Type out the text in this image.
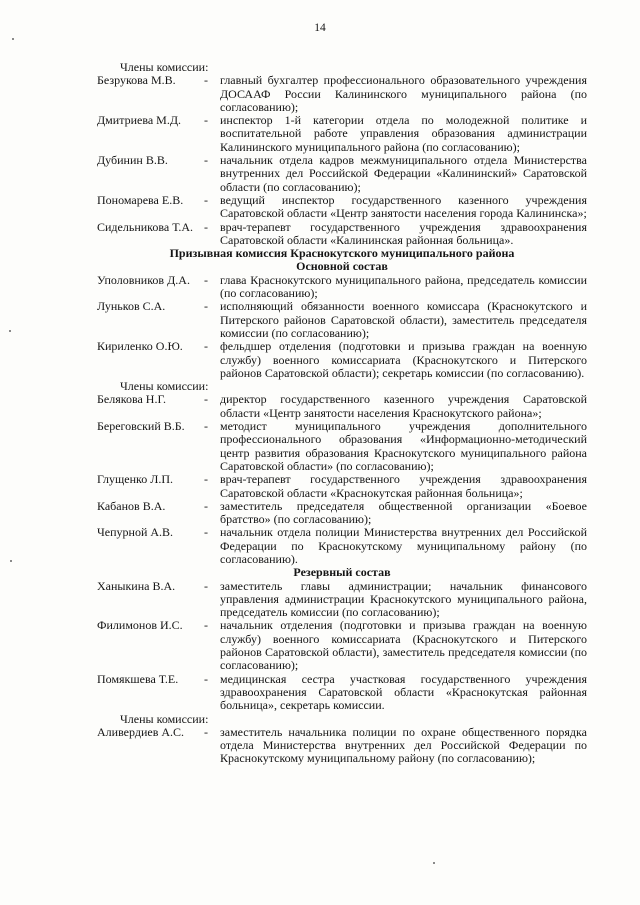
14
Члены комиссии:
Безрукова М.В. - главный бухгалтер профессионального образовательного учреждения ДОСААФ России Калининского муниципального района (по согласованию);
Дмитриева М.Д. - инспектор 1-й категории отдела по молодежной политике и воспитательной работе управления образования администрации Калининского муниципального района (по согласованию);
Дубинин В.В.	- начальник отдела кадров межмуниципального отдела Министерства внутренних дел Российской Федерации «Калининский» Саратовской области (по согласованию);
Пономарева Е.В. - ведущий инспектор государственного казенного учреждения Саратовской области «Центр занятости населения города Калининска»;
Сидельникова Т.А. - врач-терапевт государственного учреждения здравоохранения Саратовской области «Калининская районная больница».
Призывная комиссия Краснокутского муниципального района
Основной состав
Уполовников Д.А. - глава Краснокутского муниципального района, председатель комиссии (по согласованию);
Луньков С.А.	- исполняющий обязанности военного комиссара (Краснокутского и Питерского районов Саратовской области), заместитель председателя комиссии (по согласованию);
Кириленко О.Ю. - фельдшер отделения (подготовки и призыва граждан на военную службу) военного комиссариата (Краснокутского и Питерского районов Саратовской области); секретарь комиссии (по согласованию).
Члены комиссии:
Белякова Н.Г.	- директор государственного казенного учреждения Саратовской области «Центр занятости населения Краснокутского района»;
Береговский В.Б. - методист муниципального учреждения дополнительного профессионального образования «Информационно-методический центр развития образования Краснокутского муниципального района Саратовской области» (по согласованию);
Глущенко Л.П.	- врач-терапевт государственного учреждения здравоохранения Саратовской области «Краснокутская районная больница»;
Кабанов В.А.	- заместитель председателя общественной организации «Боевое братство» (по согласованию);
Чепурной А.В.	- начальник отдела полиции Министерства внутренних дел Российской Федерации по Краснокутскому муниципальному району (по согласованию).
Резервный состав
Ханыкина В.А. - заместитель главы администрации; начальник финансового управления администрации Краснокутского муниципального района, председатель комиссии (по согласованию);
Филимонов И.С. - начальник отделения (подготовки и призыва граждан на военную службу) военного комиссариата (Краснокутского и Питерского районов Саратовской области), заместитель председателя комиссии (по согласованию);
Помякшева Т.Е. - медицинская сестра участковая государственного учреждения здравоохранения Саратовской области «Краснокутская районная больница», секретарь комиссии.
Члены комиссии:
Аливердиев А.С. - заместитель начальника полиции по охране общественного порядка отдела Министерства внутренних дел Российской Федерации по Краснокутскому муниципальному району (по согласованию);
